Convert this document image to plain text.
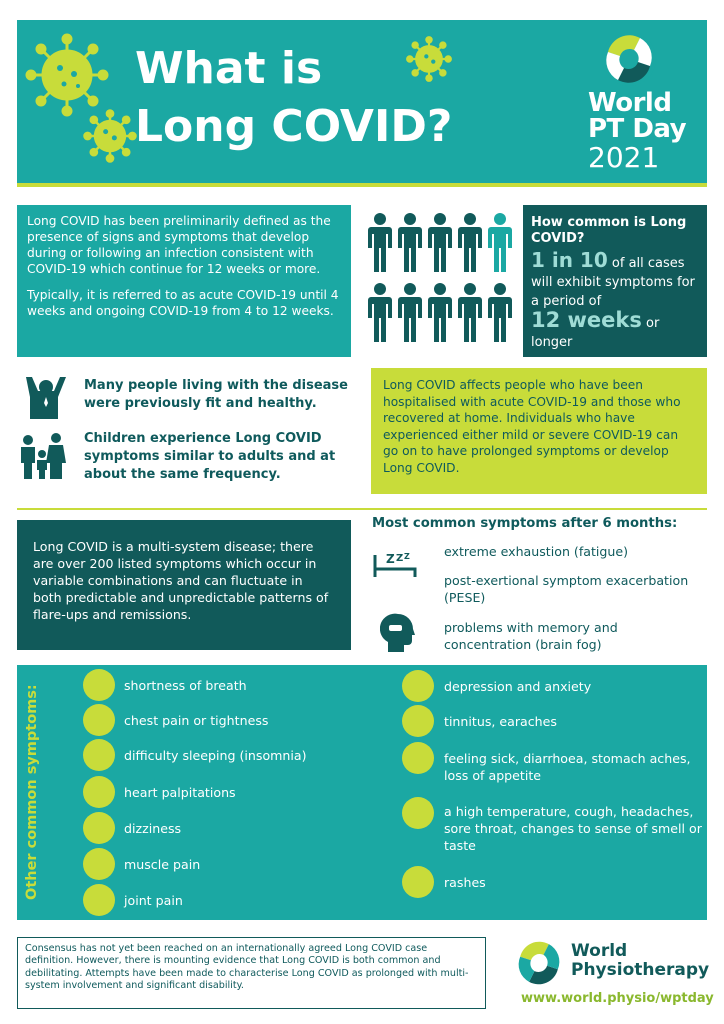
What is
Long COVID?	World
PT Day
2021

Long COVID has been preliminarily defined as the presence of signs and symptoms that develop during or following an infection consistent with COVID-19 which continue for 12 weeks or more.

Typically, it is referred to as acute COVID-19 until 4 weeks and ongoing COVID-19 from 4 to 12 weeks.

How common is Long COVID?
1 in 10 of all cases will exhibit symptoms for a period of
12 weeks or longer
Many people living with the disease were previously fit and healthy.
Children experience Long COVID symptoms similar to adults and at about the same frequency.
Long COVID affects people who have been hospitalised with acute COVID-19 and those who recovered at home. Individuals who have experienced either mild or severe COVID-19 can go on to have prolonged symptoms or develop Long COVID.
Long COVID is a multi-system disease; there are over 200 listed symptoms which occur in variable combinations and can fluctuate in both predictable and unpredictable patterns of flare-ups and remissions.
Most common symptoms after 6 months:
Z Z Z	extreme exhaustion (fatigue)
post-exertional symptom exacerbation (PESE)
problems with memory and concentration (brain fog)
Other common symptoms:	shortness of breath
chest pain or tightness
difficulty sleeping (insomnia)
heart palpitations
dizziness
muscle pain
joint pain
depression and anxiety
tinnitus, earaches
feeling sick, diarrhoea, stomach aches, loss of appetite
a high temperature, cough, headaches, sore throat, changes to sense of smell or taste
rashes
Consensus has not yet been reached on an internationally agreed Long COVID case definition. However, there is mounting evidence that Long COVID is both common and debilitating. Attempts have been made to characterise Long COVID as prolonged with multi-system involvement and significant disability.
World
Physiotherapy
www.world.physio/wptday
